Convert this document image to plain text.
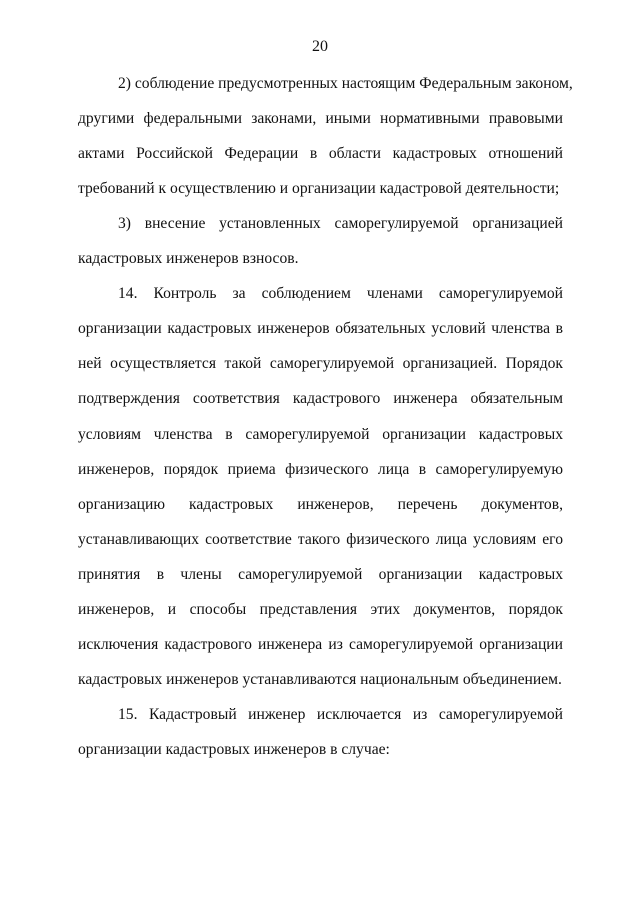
20
2) соблюдение предусмотренных настоящим Федеральным законом,
другими федеральными законами, иными нормативными правовыми
актами Российской Федерации в области кадастровых отношений
требований к осуществлению и организации кадастровой деятельности;
3) внесение установленных саморегулируемой организацией
кадастровых инженеров взносов.
14. Контроль за соблюдением членами саморегулируемой
организации кадастровых инженеров обязательных условий членства в
ней осуществляется такой саморегулируемой организацией. Порядок
подтверждения соответствия кадастрового инженера обязательным
условиям членства в саморегулируемой организации кадастровых
инженеров, порядок приема физического лица в саморегулируемую
организацию кадастровых инженеров, перечень документов,
устанавливающих соответствие такого физического лица условиям его
принятия в члены саморегулируемой организации кадастровых
инженеров, и способы представления этих документов, порядок
исключения кадастрового инженера из саморегулируемой организации
кадастровых инженеров устанавливаются национальным объединением.
15. Кадастровый инженер исключается из саморегулируемой
организации кадастровых инженеров в случае:
